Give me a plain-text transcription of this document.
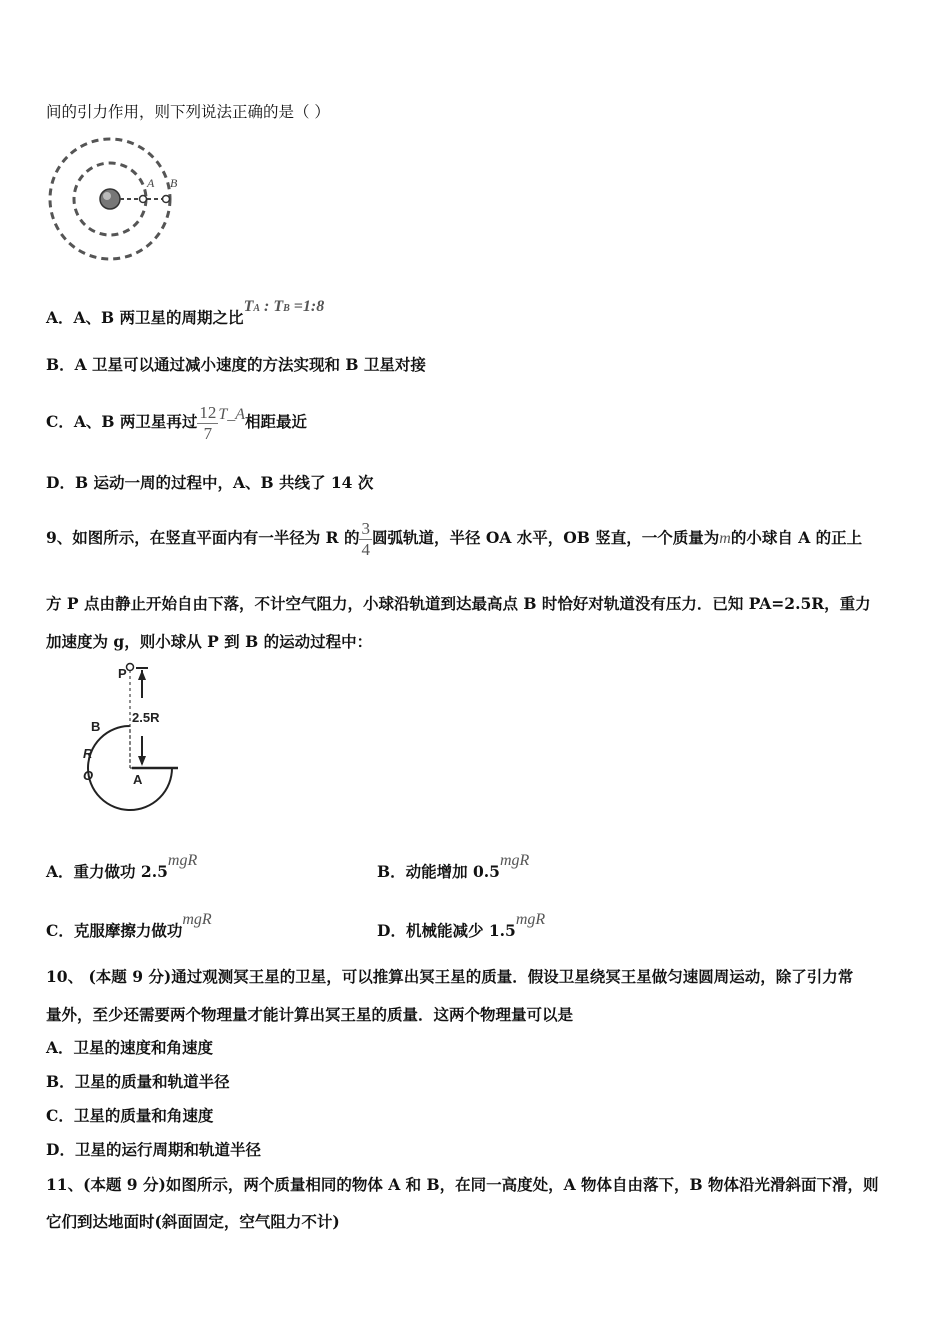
间的引力作用，则下列说法正确的是（ ）
A B
A．A、B 两卫星的周期之比TA : TB =1:8
B．A 卫星可以通过减小速度的方法实现和 B 卫星对接
C．A、B 两卫星再过 $\frac{12}{7}$ T_A相距最近
D．B 运动一周的过程中，A、B 共线了 14 次
9、如图所示，在竖直平面内有一半径为 R 的 $\frac{3}{4}$ 圆弧轨道，半径 OA 水平，OB 竖直，一个质量为m的小球自 A 的正上
方 P 点由静止开始自由下落，不计空气阻力，小球沿轨道到达最高点 B 时恰好对轨道没有压力．已知 PA=2.5R，重力
加速度为 g，则小球从 P 到 B 的运动过程中：
P
2.5R
B
R
O	A
A．重力做功 2.5mgR
B．动能增加 0.5mgR
C．克服摩擦力做功mgR
D．机械能减少 1.5mgR
10、 (本题 9 分)通过观测冥王星的卫星，可以推算出冥王星的质量．假设卫星绕冥王星做匀速圆周运动，除了引力常
量外，至少还需要两个物理量才能计算出冥王星的质量．这两个物理量可以是
A．卫星的速度和角速度
B．卫星的质量和轨道半径
C．卫星的质量和角速度
D．卫星的运行周期和轨道半径
11、(本题 9 分)如图所示，两个质量相同的物体 A 和 B，在同一高度处，A 物体自由落下，B 物体沿光滑斜面下滑，则
它们到达地面时(斜面固定，空气阻力不计)
